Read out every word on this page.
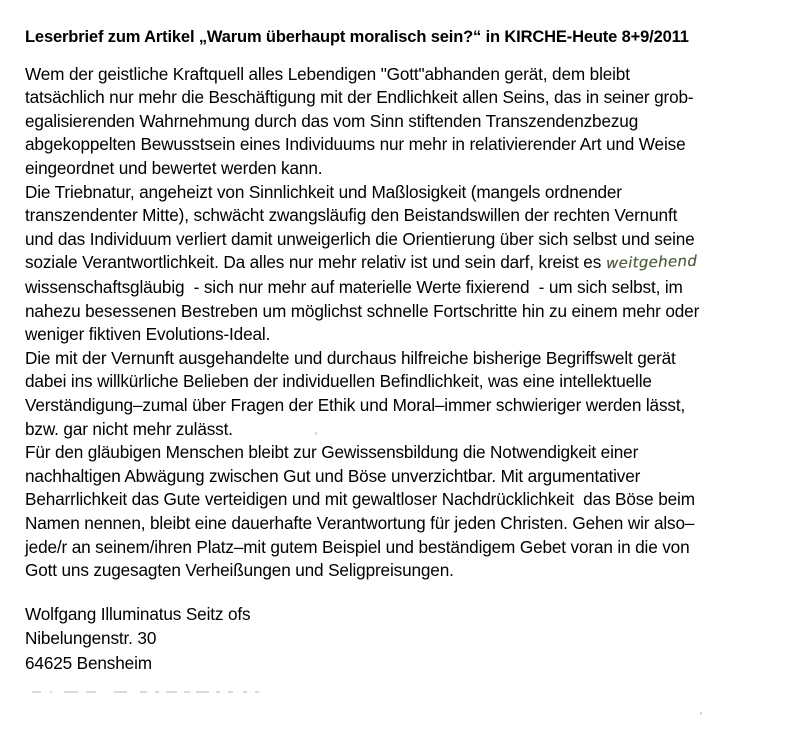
Leserbrief zum Artikel „Warum überhaupt moralisch sein?“ in KIRCHE-Heute 8+9/2011

Wem der geistliche Kraftquell alles Lebendigen "Gott"abhanden gerät, dem bleibt
tatsächlich nur mehr die Beschäftigung mit der Endlichkeit allen Seins, das in seiner grob-
egalisierenden Wahrnehmung durch das vom Sinn stiftenden Transzendenzbezug
abgekoppelten Bewusstsein eines Individuums nur mehr in relativierender Art und Weise
eingeordnet und bewertet werden kann.

Die Triebnatur, angeheizt von Sinnlichkeit und Maßlosigkeit (mangels ordnender
transzendenter Mitte), schwächt zwangsläufig den Beistandswillen der rechten Vernunft
und das Individuum verliert damit unweigerlich die Orientierung über sich selbst und seine
soziale Verantwortlichkeit. Da alles nur mehr relativ ist und sein darf, kreist es weitgehend
wissenschaftsgläubig  - sich nur mehr auf materielle Werte fixierend  - um sich selbst, im
nahezu besessenen Bestreben um möglichst schnelle Fortschritte hin zu einem mehr oder
weniger fiktiven Evolutions-Ideal.

Die mit der Vernunft ausgehandelte und durchaus hilfreiche bisherige Begriffswelt gerät
dabei ins willkürliche Belieben der individuellen Befindlichkeit, was eine intellektuelle
Verständigung–zumal über Fragen der Ethik und Moral–immer schwieriger werden lässt,
bzw. gar nicht mehr zulässt.

Für den gläubigen Menschen bleibt zur Gewissensbildung die Notwendigkeit einer
nachhaltigen Abwägung zwischen Gut und Böse unverzichtbar. Mit argumentativer
Beharrlichkeit das Gute verteidigen und mit gewaltloser Nachdrücklichkeit  das Böse beim
Namen nennen, bleibt eine dauerhafte Verantwortung für jeden Christen. Gehen wir also–
jede/r an seinem/ihren Platz–mit gutem Beispiel und beständigem Gebet voran in die von
Gott uns zugesagten Verheißungen und Seligpreisungen.

Wolfgang Illuminatus Seitz ofs
Nibelungenstr. 30
64625 Bensheim
